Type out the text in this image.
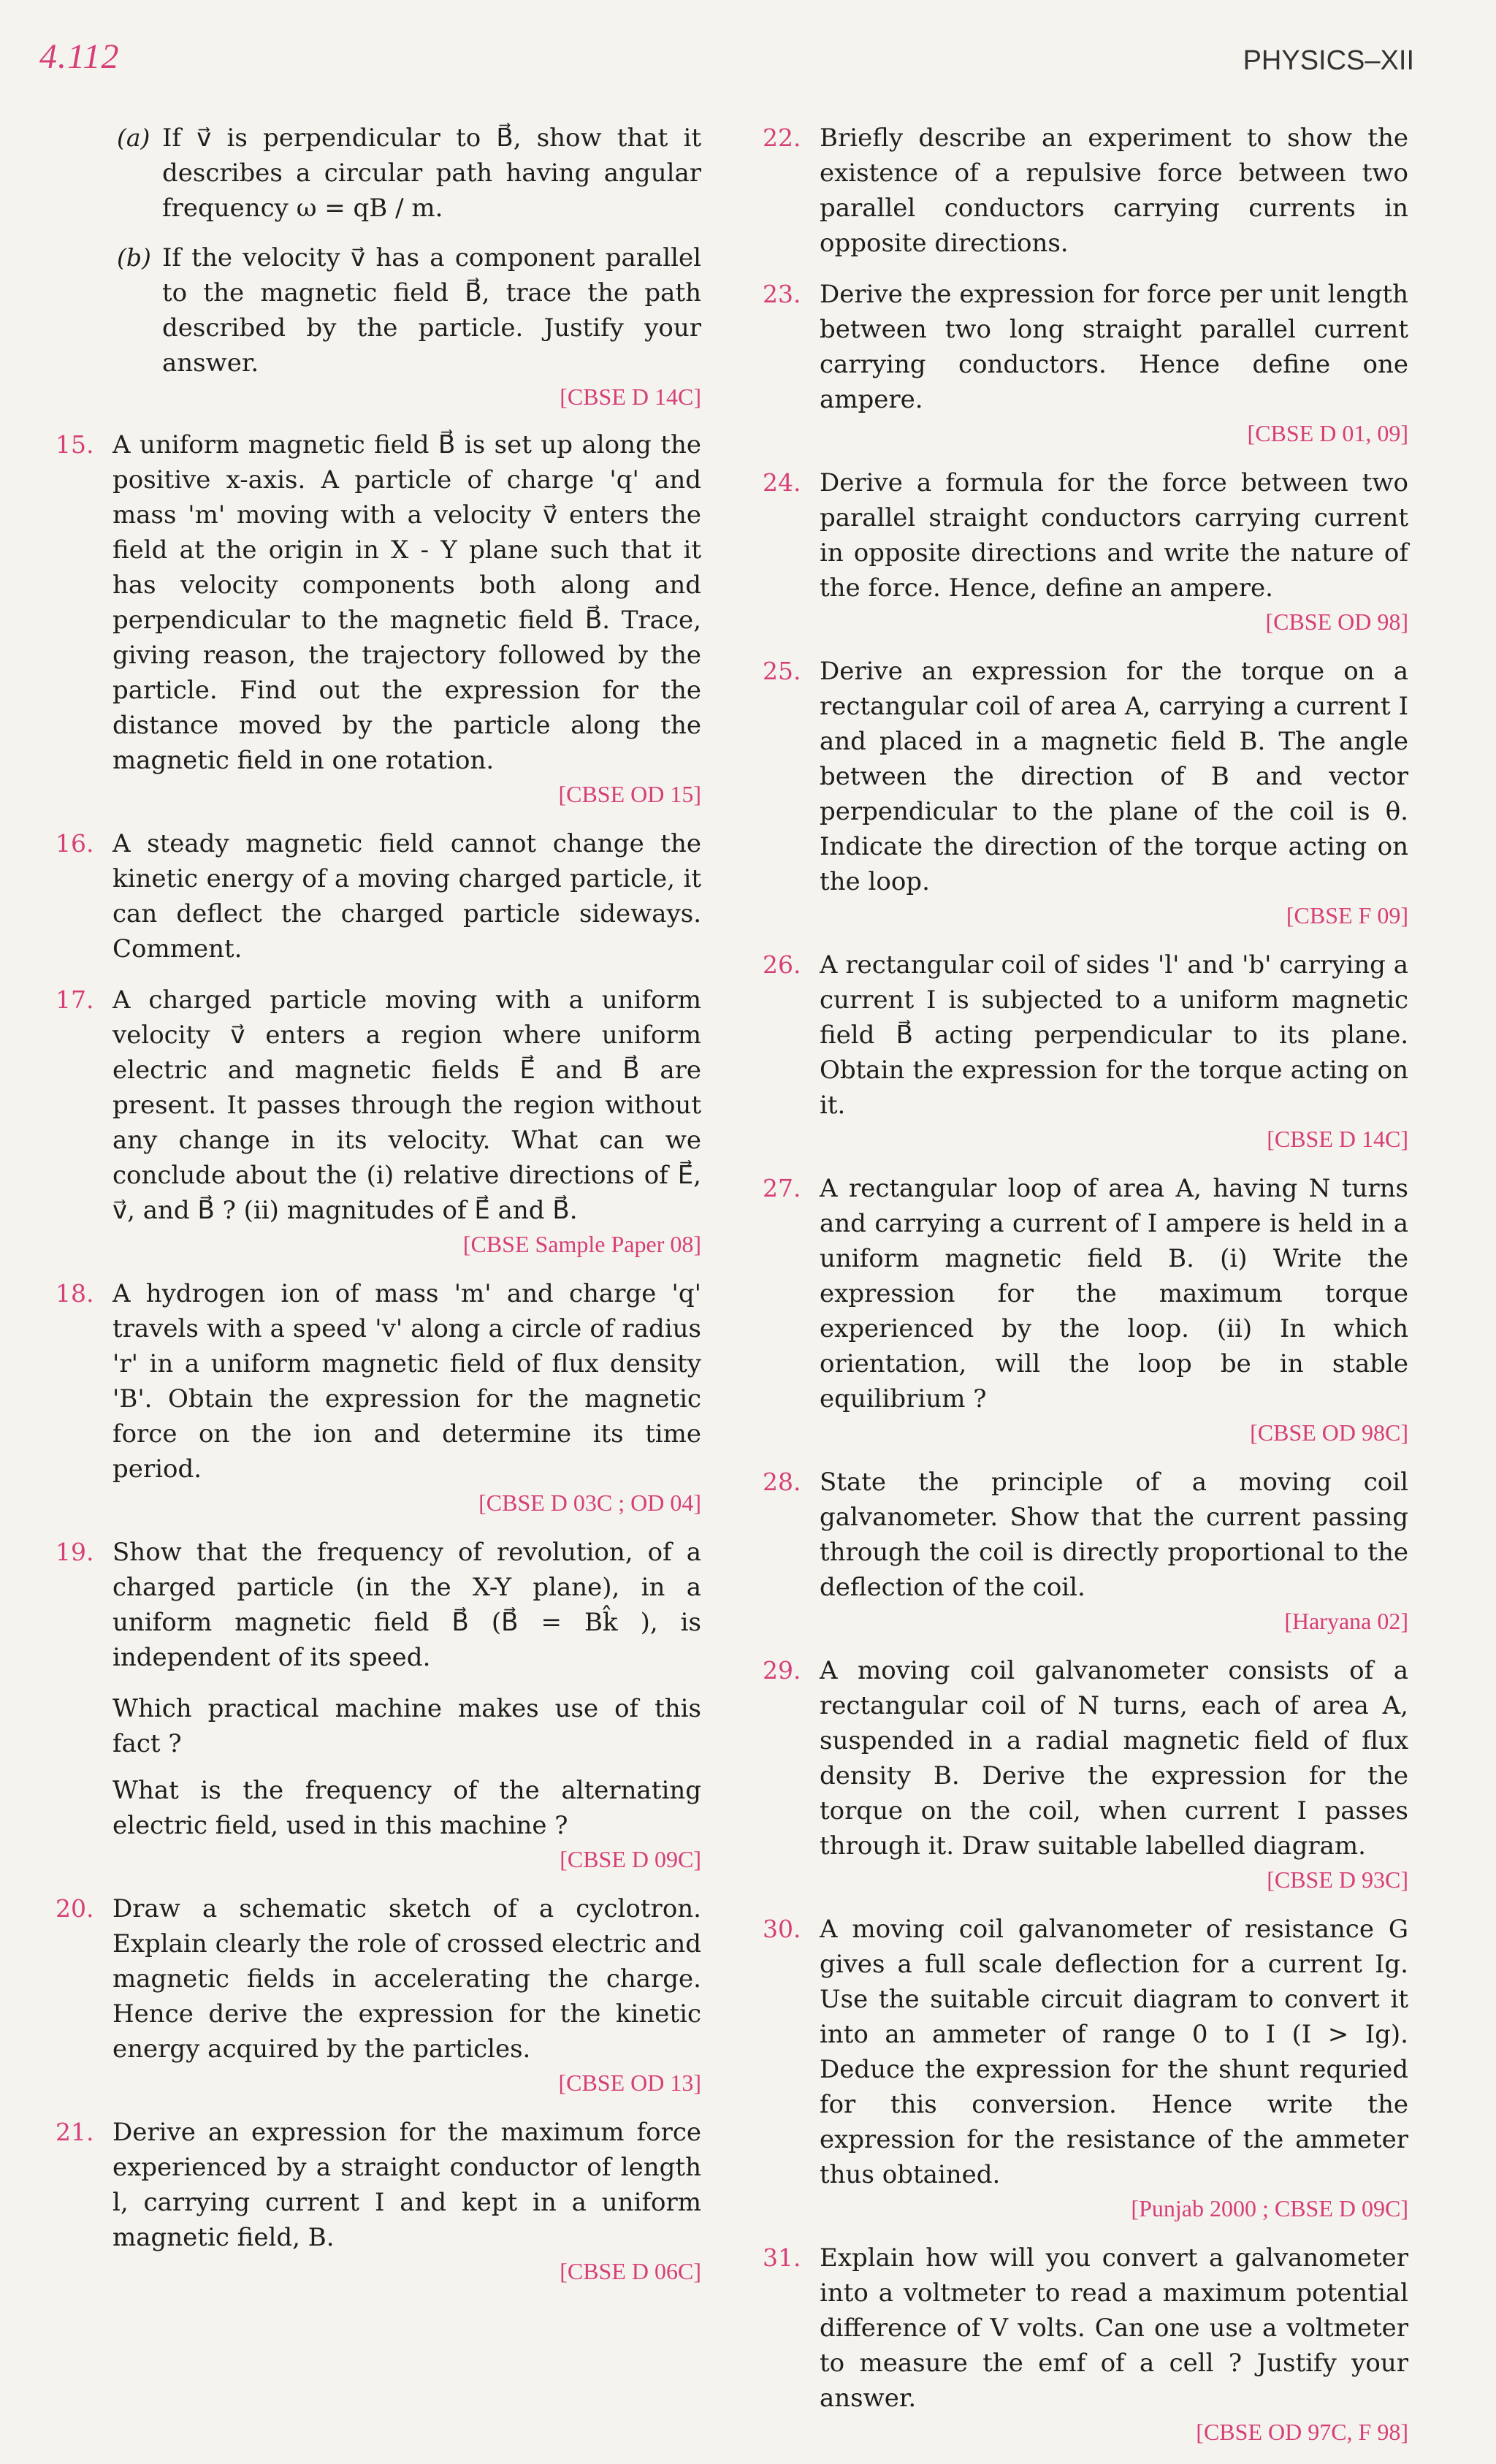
4.112	PHYSICS–XII
(a) If v⃗ is perpendicular to B⃗, show that it describes a circular path having angular frequency ω = qB / m.
(b) If the velocity v⃗ has a component parallel to the magnetic field B⃗, trace the path described by the particle. Justify your answer.
[CBSE D 14C]
15. A uniform magnetic field B⃗ is set up along the positive x-axis. A particle of charge 'q' and mass 'm' moving with a velocity v⃗ enters the field at the origin in X - Y plane such that it has velocity components both along and perpendicular to the magnetic field B⃗. Trace, giving reason, the trajectory followed by the particle. Find out the expression for the distance moved by the particle along the magnetic field in one rotation.
[CBSE OD 15]
16. A steady magnetic field cannot change the kinetic energy of a moving charged particle, it can deflect the charged particle sideways. Comment.
17. A charged particle moving with a uniform velocity v⃗ enters a region where uniform electric and magnetic fields E⃗ and B⃗ are present. It passes through the region without any change in its velocity. What can we conclude about the (i) relative directions of E⃗, v⃗, and B⃗ ? (ii) magnitudes of E⃗ and B⃗.
[CBSE Sample Paper 08]
18. A hydrogen ion of mass 'm' and charge 'q' travels with a speed 'v' along a circle of radius 'r' in a uniform magnetic field of flux density 'B'. Obtain the expression for the magnetic force on the ion and determine its time period.
[CBSE D 03C ; OD 04]
19. Show that the frequency of revolution, of a charged particle (in the X-Y plane), in a uniform magnetic field B⃗ (B⃗ = Bk̂ ), is independent of its speed.
Which practical machine makes use of this fact ?
What is the frequency of the alternating electric field, used in this machine ?
[CBSE D 09C]
20. Draw a schematic sketch of a cyclotron. Explain clearly the role of crossed electric and magnetic fields in accelerating the charge. Hence derive the expression for the kinetic energy acquired by the particles.
[CBSE OD 13]
21. Derive an expression for the maximum force experienced by a straight conductor of length l, carrying current I and kept in a uniform magnetic field, B.
[CBSE D 06C]
22. Briefly describe an experiment to show the existence of a repulsive force between two parallel conductors carrying currents in opposite directions.
23. Derive the expression for force per unit length between two long straight parallel current carrying conductors. Hence define one ampere.
[CBSE D 01, 09]
24. Derive a formula for the force between two parallel straight conductors carrying current in opposite directions and write the nature of the force. Hence, define an ampere.
[CBSE OD 98]
25. Derive an expression for the torque on a rectangular coil of area A, carrying a current I and placed in a magnetic field B. The angle between the direction of B and vector perpendicular to the plane of the coil is θ. Indicate the direction of the torque acting on the loop.
[CBSE F 09]
26. A rectangular coil of sides 'l' and 'b' carrying a current I is subjected to a uniform magnetic field B⃗ acting perpendicular to its plane. Obtain the expression for the torque acting on it.
[CBSE D 14C]
27. A rectangular loop of area A, having N turns and carrying a current of I ampere is held in a uniform magnetic field B. (i) Write the expression for the maximum torque experienced by the loop. (ii) In which orientation, will the loop be in stable equilibrium ?
[CBSE OD 98C]
28. State the principle of a moving coil galvanometer. Show that the current passing through the coil is directly proportional to the deflection of the coil.
[Haryana 02]
29. A moving coil galvanometer consists of a rectangular coil of N turns, each of area A, suspended in a radial magnetic field of flux density B. Derive the expression for the torque on the coil, when current I passes through it. Draw suitable labelled diagram.
[CBSE D 93C]
30. A moving coil galvanometer of resistance G gives a full scale deflection for a current Ig. Use the suitable circuit diagram to convert it into an ammeter of range 0 to I (I > Ig). Deduce the expression for the shunt requried for this conversion. Hence write the expression for the resistance of the ammeter thus obtained.
[Punjab 2000 ; CBSE D 09C]
31. Explain how will you convert a galvanometer into a voltmeter to read a maximum potential difference of V volts. Can one use a voltmeter to measure the emf of a cell ? Justify your answer.
[CBSE OD 97C, F 98]
